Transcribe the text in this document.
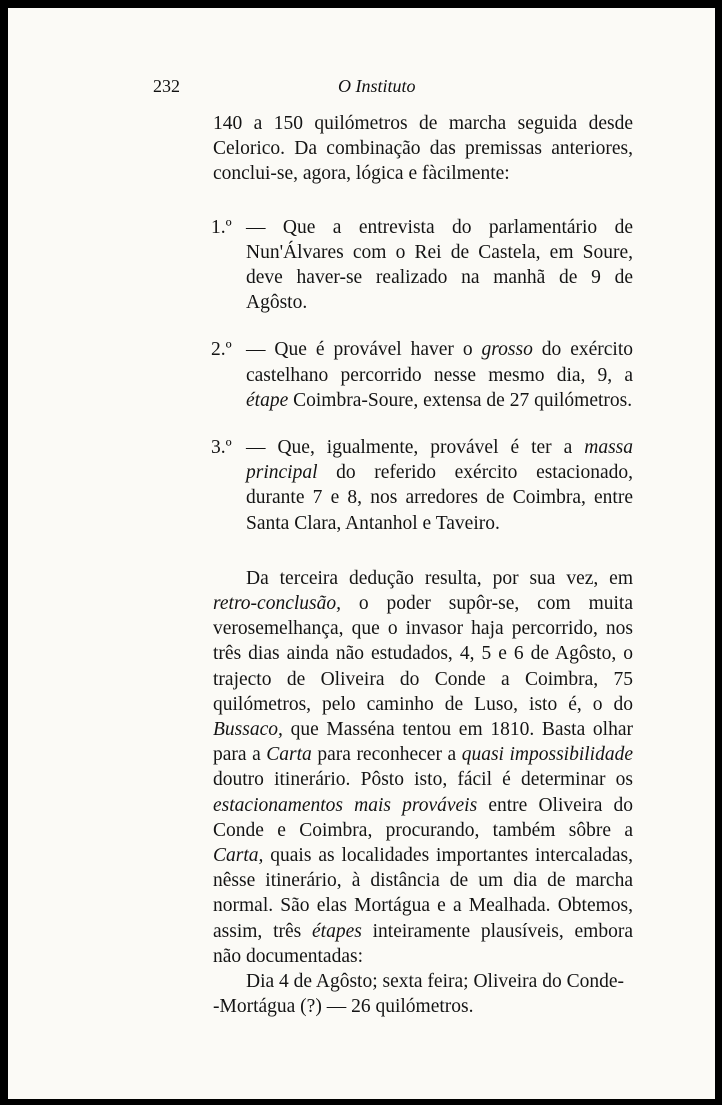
232	O Instituto

140 a 150 quilómetros de marcha seguida desde Celorico. Da combinação das premissas anteriores, conclui-se, agora, lógica e fàcilmente:

1.º — Que a entrevista do parlamentário de Nun'Álvares com o Rei de Castela, em Soure, deve haver-se realizado na manhã de 9 de Agôsto.
2.º — Que é provável haver o grosso do exército castelhano percorrido nesse mesmo dia, 9, a étape Coimbra-Soure, extensa de 27 quilómetros.
3.º — Que, igualmente, provável é ter a massa principal do referido exército estacionado, durante 7 e 8, nos arredores de Coimbra, entre Santa Clara, Antanhol e Taveiro.

Da terceira dedução resulta, por sua vez, em retro-conclusão, o poder supôr-se, com muita verosemelhança, que o invasor haja percorrido, nos três dias ainda não estudados, 4, 5 e 6 de Agôsto, o trajecto de Oliveira do Conde a Coimbra, 75 quilómetros, pelo caminho de Luso, isto é, o do Bussaco, que Masséna tentou em 1810. Basta olhar para a Carta para reconhecer a quasi impossibilidade doutro itinerário. Pôsto isto, fácil é determinar os estacionamentos mais prováveis entre Oliveira do Conde e Coimbra, procurando, também sôbre a Carta, quais as localidades importantes intercaladas, nêsse itinerário, à distância de um dia de marcha normal. São elas Mortágua e a Mealhada. Obtemos, assim, três étapes inteiramente plausíveis, embora não documentadas:

Dia 4 de Agôsto; sexta feira; Oliveira do Conde-

-Mortágua (?) — 26 quilómetros.
